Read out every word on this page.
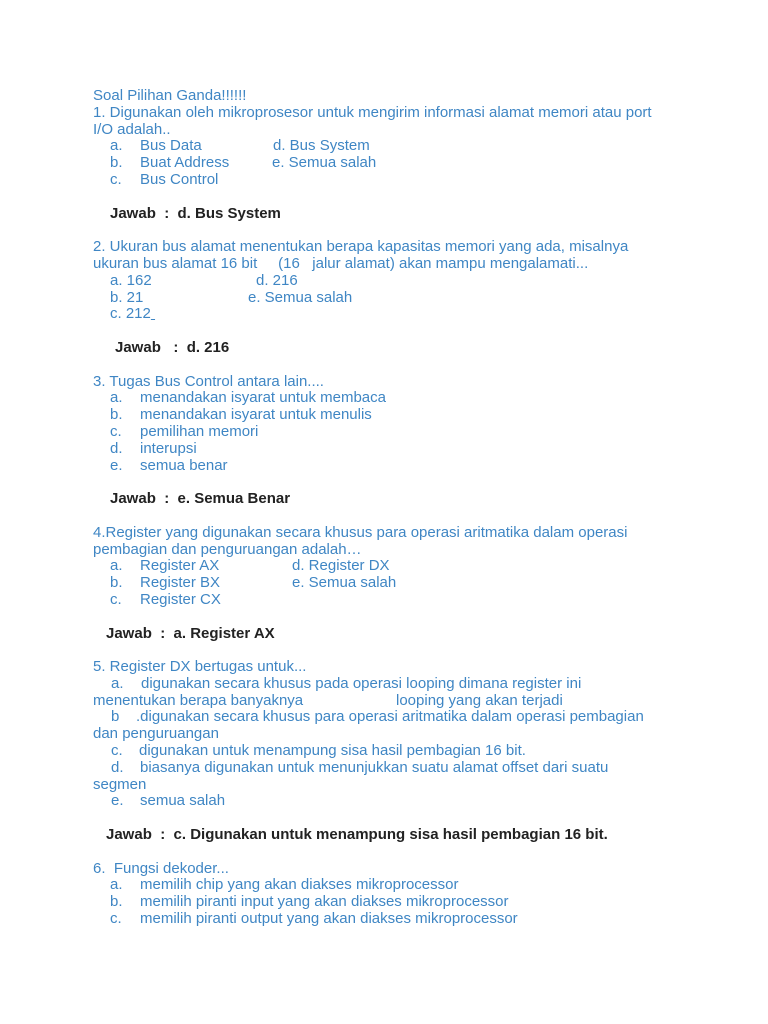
Soal Pilihan Ganda!!!!!!
1. Digunakan oleh mikroprosesor untuk mengirim informasi alamat memori atau port
I/O adalah..
a. Bus Data	d. Bus System
b. Buat Address	e. Semua salah
c. Bus Control
Jawab  :  d. Bus System
2. Ukuran bus alamat menentukan berapa kapasitas memori yang ada, misalnya
ukuran bus alamat 16 bit     (16   jalur alamat) akan mampu mengalamati...
a. 162	d. 216
b. 21	e. Semua salah
c. 212
Jawab   :  d. 216
3. Tugas Bus Control antara lain....
a. menandakan isyarat untuk membaca
b. menandakan isyarat untuk menulis
c. pemilihan memori
d. interupsi
e. semua benar
Jawab  :  e. Semua Benar
4.Register yang digunakan secara khusus para operasi aritmatika dalam operasi
pembagian dan penguruangan adalah…
a. Register AX	d. Register DX
b. Register BX	e. Semua salah
c. Register CX
Jawab  :  a. Register AX
5. Register DX bertugas untuk...
a. digunakan secara khusus pada operasi looping dimana register ini
menentukan berapa banyaknya	looping yang akan terjadi
b .digunakan secara khusus para operasi aritmatika dalam operasi pembagian
dan penguruangan
c. digunakan untuk menampung sisa hasil pembagian 16 bit.
d. biasanya digunakan untuk menunjukkan suatu alamat offset dari suatu
segmen
e. semua salah
Jawab  :  c. Digunakan untuk menampung sisa hasil pembagian 16 bit.
6.  Fungsi dekoder...
a. memilih chip yang akan diakses mikroprocessor
b. memilih piranti input yang akan diakses mikroprocessor
c. memilih piranti output yang akan diakses mikroprocessor
